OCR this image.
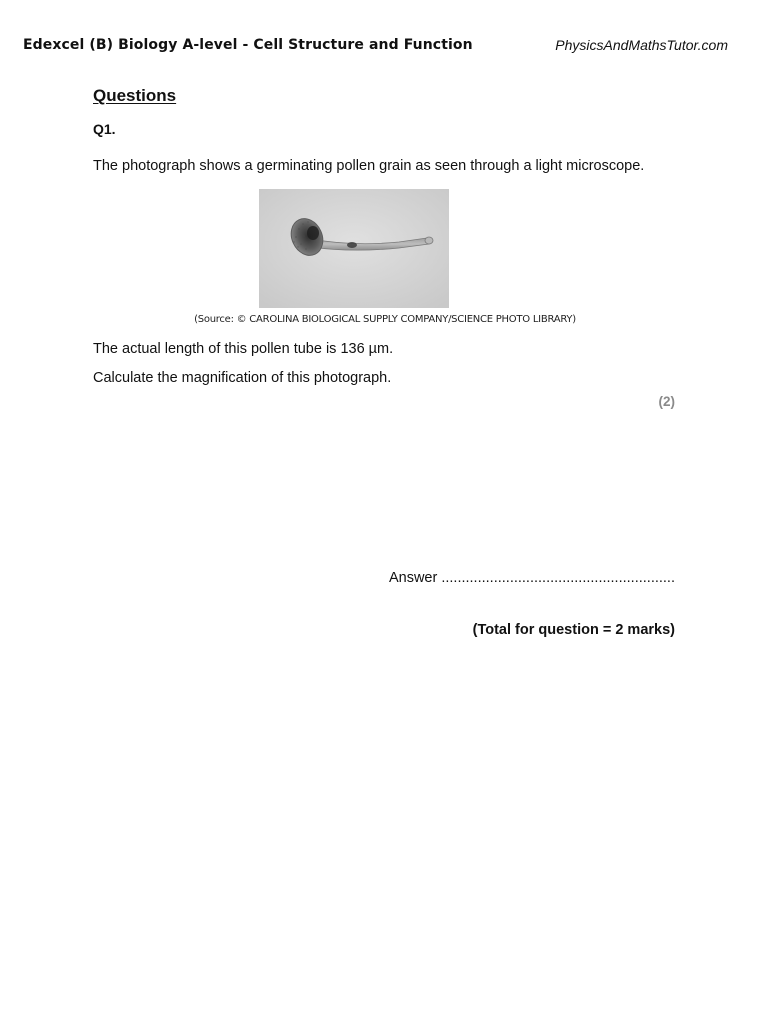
Edexcel (B) Biology A-level - Cell Structure and Function	PhysicsAndMathsTutor.com
Questions
Q1.
The photograph shows a germinating pollen grain as seen through a light microscope.
(Source: © CAROLINA BIOLOGICAL SUPPLY COMPANY/SCIENCE PHOTO LIBRARY)
The actual length of this pollen tube is 136 µm.
Calculate the magnification of this photograph.
(2)
Answer ..........................................................
(Total for question = 2 marks)
